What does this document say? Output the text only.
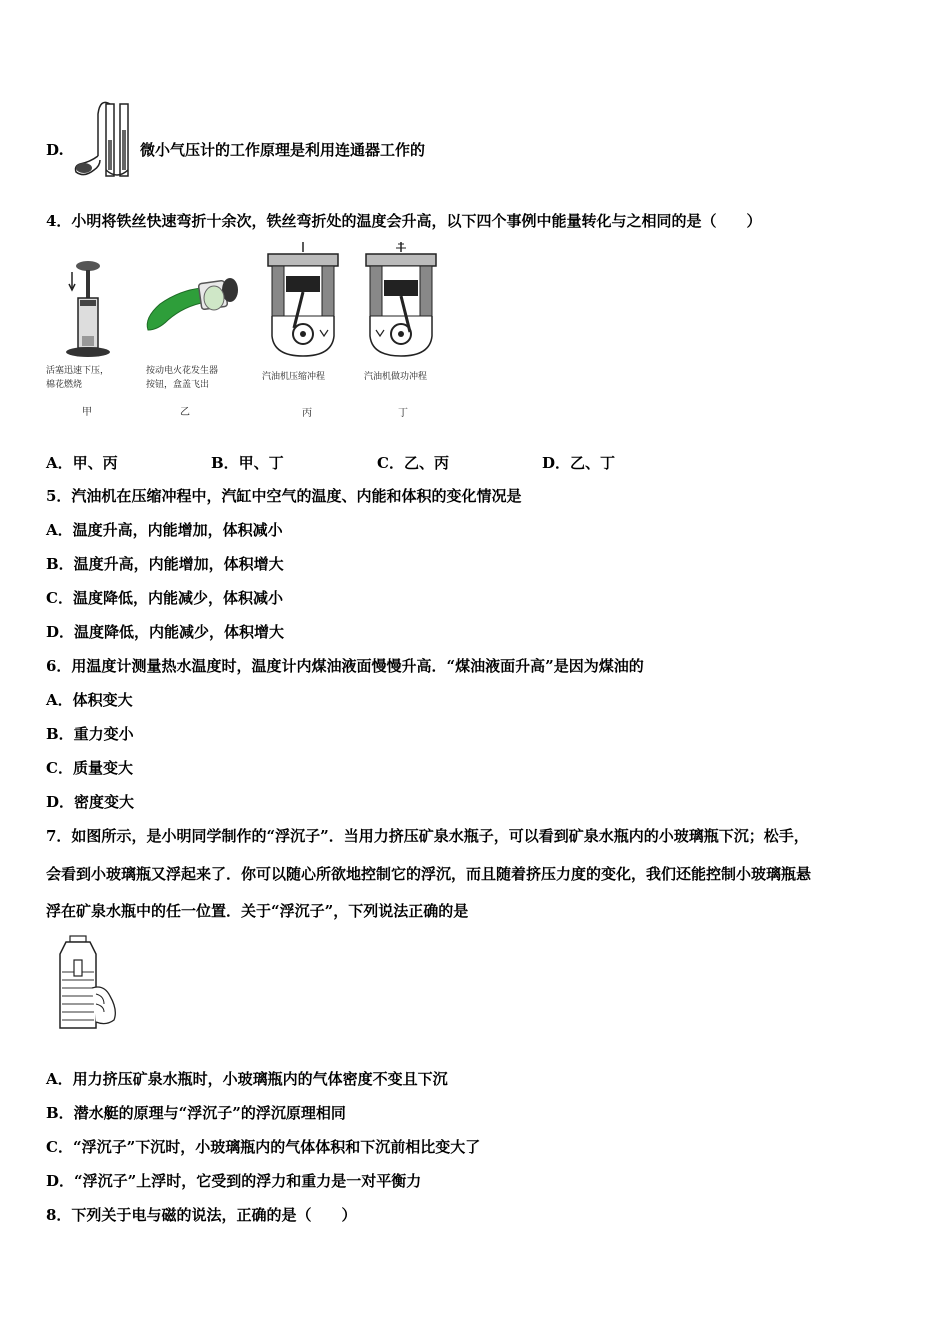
D.	微小气压计的工作原理是利用连通器工作的
4．小明将铁丝快速弯折十余次，铁丝弯折处的温度会升高，以下四个事例中能量转化与之相同的是（　　）
活塞迅速下压，
棉花燃烧
甲
按动电火花发生器
按钮，盒盖飞出
乙
汽油机压缩冲程
丙
汽油机做功冲程
丁
A．甲、丙	B．甲、丁	C．乙、丙	D．乙、丁
5．汽油机在压缩冲程中，汽缸中空气的温度、内能和体积的变化情况是
A．温度升高，内能增加，体积减小
B．温度升高，内能增加，体积增大
C．温度降低，内能减少，体积减小
D．温度降低，内能减少，体积增大
6．用温度计测量热水温度时，温度计内煤油液面慢慢升高．“煤油液面升高”是因为煤油的
A．体积变大
B．重力变小
C．质量变大
D．密度变大
7．如图所示，是小明同学制作的“浮沉子”．当用力挤压矿泉水瓶子，可以看到矿泉水瓶内的小玻璃瓶下沉；松手，
会看到小玻璃瓶又浮起来了．你可以随心所欲地控制它的浮沉，而且随着挤压力度的变化，我们还能控制小玻璃瓶悬
浮在矿泉水瓶中的任一位置．关于“浮沉子”，下列说法正确的是
A．用力挤压矿泉水瓶时，小玻璃瓶内的气体密度不变且下沉
B．潜水艇的原理与“浮沉子”的浮沉原理相同
C．“浮沉子”下沉时，小玻璃瓶内的气体体积和下沉前相比变大了
D．“浮沉子”上浮时，它受到的浮力和重力是一对平衡力
8．下列关于电与磁的说法，正确的是（　　）
